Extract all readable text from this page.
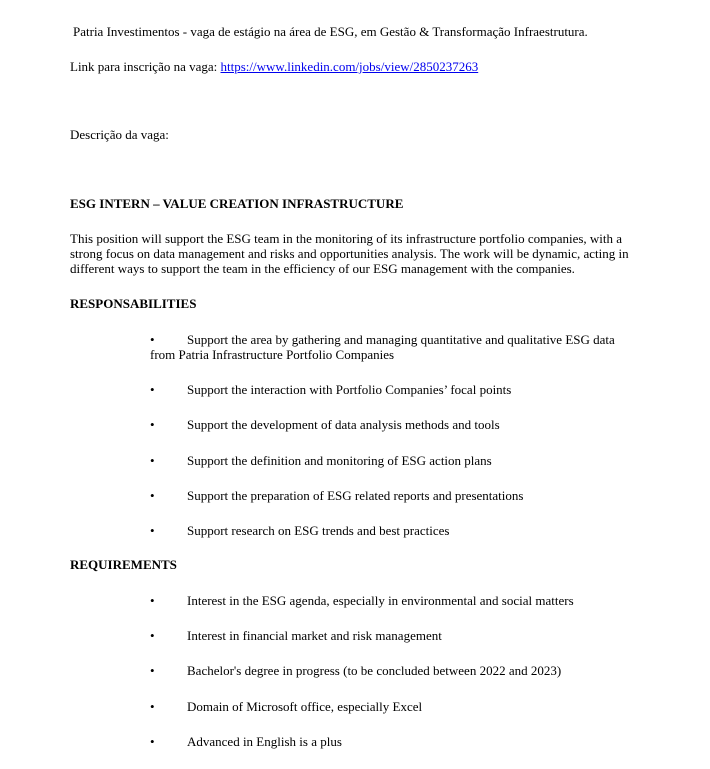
Patria Investimentos - vaga de estágio na área de ESG, em Gestão & Transformação Infraestrutura.
Link para inscrição na vaga: https://www.linkedin.com/jobs/view/2850237263
Descrição da vaga:
ESG INTERN – VALUE CREATION INFRASTRUCTURE
This position will support the ESG team in the monitoring of its infrastructure portfolio companies, with a strong focus on data management and risks and opportunities analysis. The work will be dynamic, acting in different ways to support the team in the efficiency of our ESG management with the companies.
RESPONSABILITIES
•	Support the area by gathering and managing quantitative and qualitative ESG data from Patria Infrastructure Portfolio Companies
•	Support the interaction with Portfolio Companies’ focal points
•	Support the development of data analysis methods and tools
•	Support the definition and monitoring of ESG action plans
•	Support the preparation of ESG related reports and presentations
•	Support research on ESG trends and best practices
REQUIREMENTS
•	Interest in the ESG agenda, especially in environmental and social matters
•	Interest in financial market and risk management
•	Bachelor's degree in progress (to be concluded between 2022 and 2023)
•	Domain of Microsoft office, especially Excel
•	Advanced in English is a plus
